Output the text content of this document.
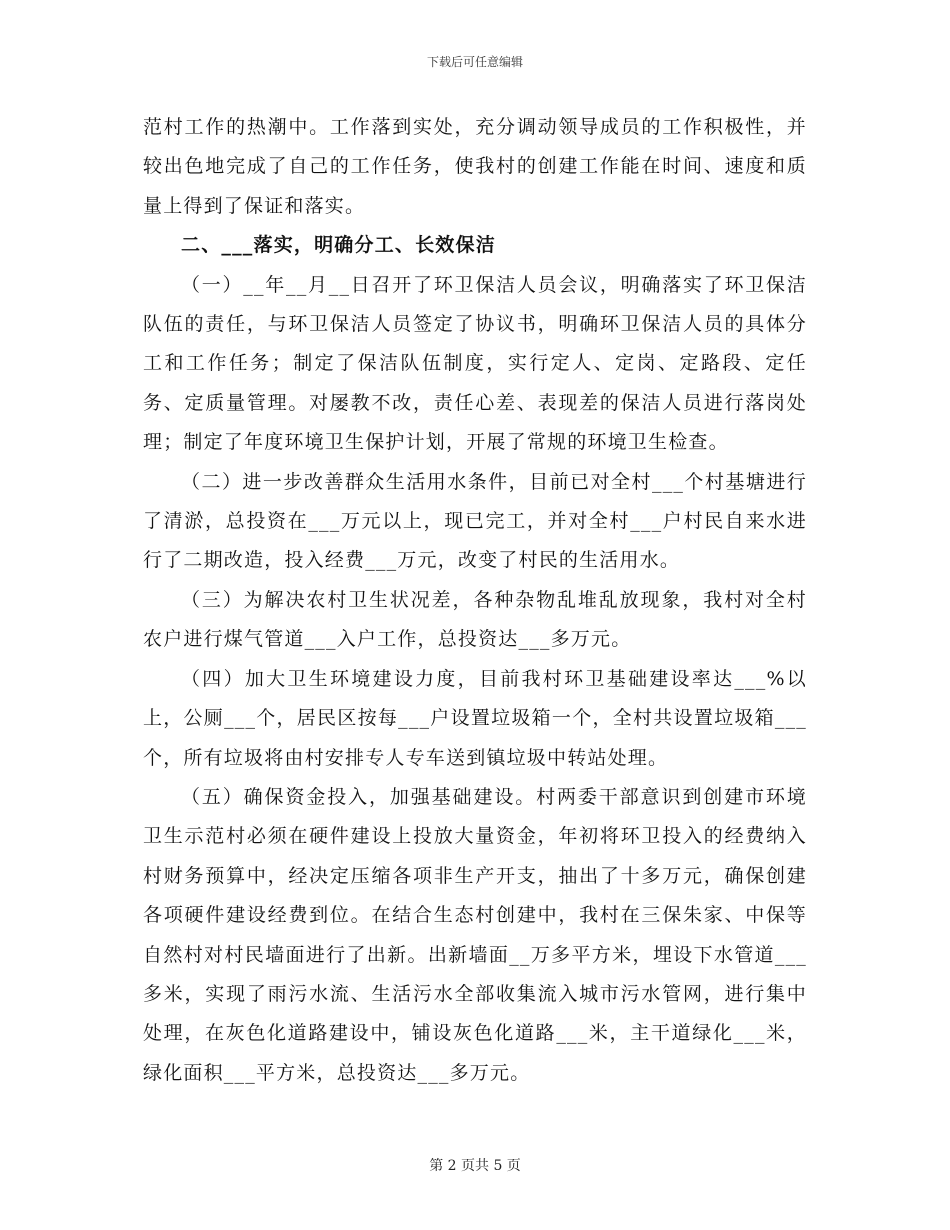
下载后可任意编辑

范村工作的热潮中。工作落到实处，充分调动领导成员的工作积极性，并较出色地完成了自己的工作任务，使我村的创建工作能在时间、速度和质量上得到了保证和落实。

二、___落实，明确分工、长效保洁

（一）__年__月__日召开了环卫保洁人员会议，明确落实了环卫保洁队伍的责任，与环卫保洁人员签定了协议书，明确环卫保洁人员的具体分工和工作任务；制定了保洁队伍制度，实行定人、定岗、定路段、定任务、定质量管理。对屡教不改，责任心差、表现差的保洁人员进行落岗处理；制定了年度环境卫生保护计划，开展了常规的环境卫生检查。

（二）进一步改善群众生活用水条件，目前已对全村___个村基塘进行了清淤，总投资在___万元以上，现已完工，并对全村___户村民自来水进行了二期改造，投入经费___万元，改变了村民的生活用水。

（三）为解决农村卫生状况差，各种杂物乱堆乱放现象，我村对全村农户进行煤气管道___入户工作，总投资达___多万元。

（四）加大卫生环境建设力度，目前我村环卫基础建设率达___%以上，公厕___个，居民区按每___户设置垃圾箱一个，全村共设置垃圾箱___个，所有垃圾将由村安排专人专车送到镇垃圾中转站处理。

（五）确保资金投入，加强基础建设。村两委干部意识到创建市环境卫生示范村必须在硬件建设上投放大量资金，年初将环卫投入的经费纳入村财务预算中，经决定压缩各项非生产开支，抽出了十多万元，确保创建各项硬件建设经费到位。在结合生态村创建中，我村在三保朱家、中保等自然村对村民墙面进行了出新。出新墙面__万多平方米，埋设下水管道___多米，实现了雨污水流、生活污水全部收集流入城市污水管网，进行集中处理，在灰色化道路建设中，铺设灰色化道路___米，主干道绿化___米，绿化面积___平方米，总投资达___多万元。

第 2 页共 5 页
